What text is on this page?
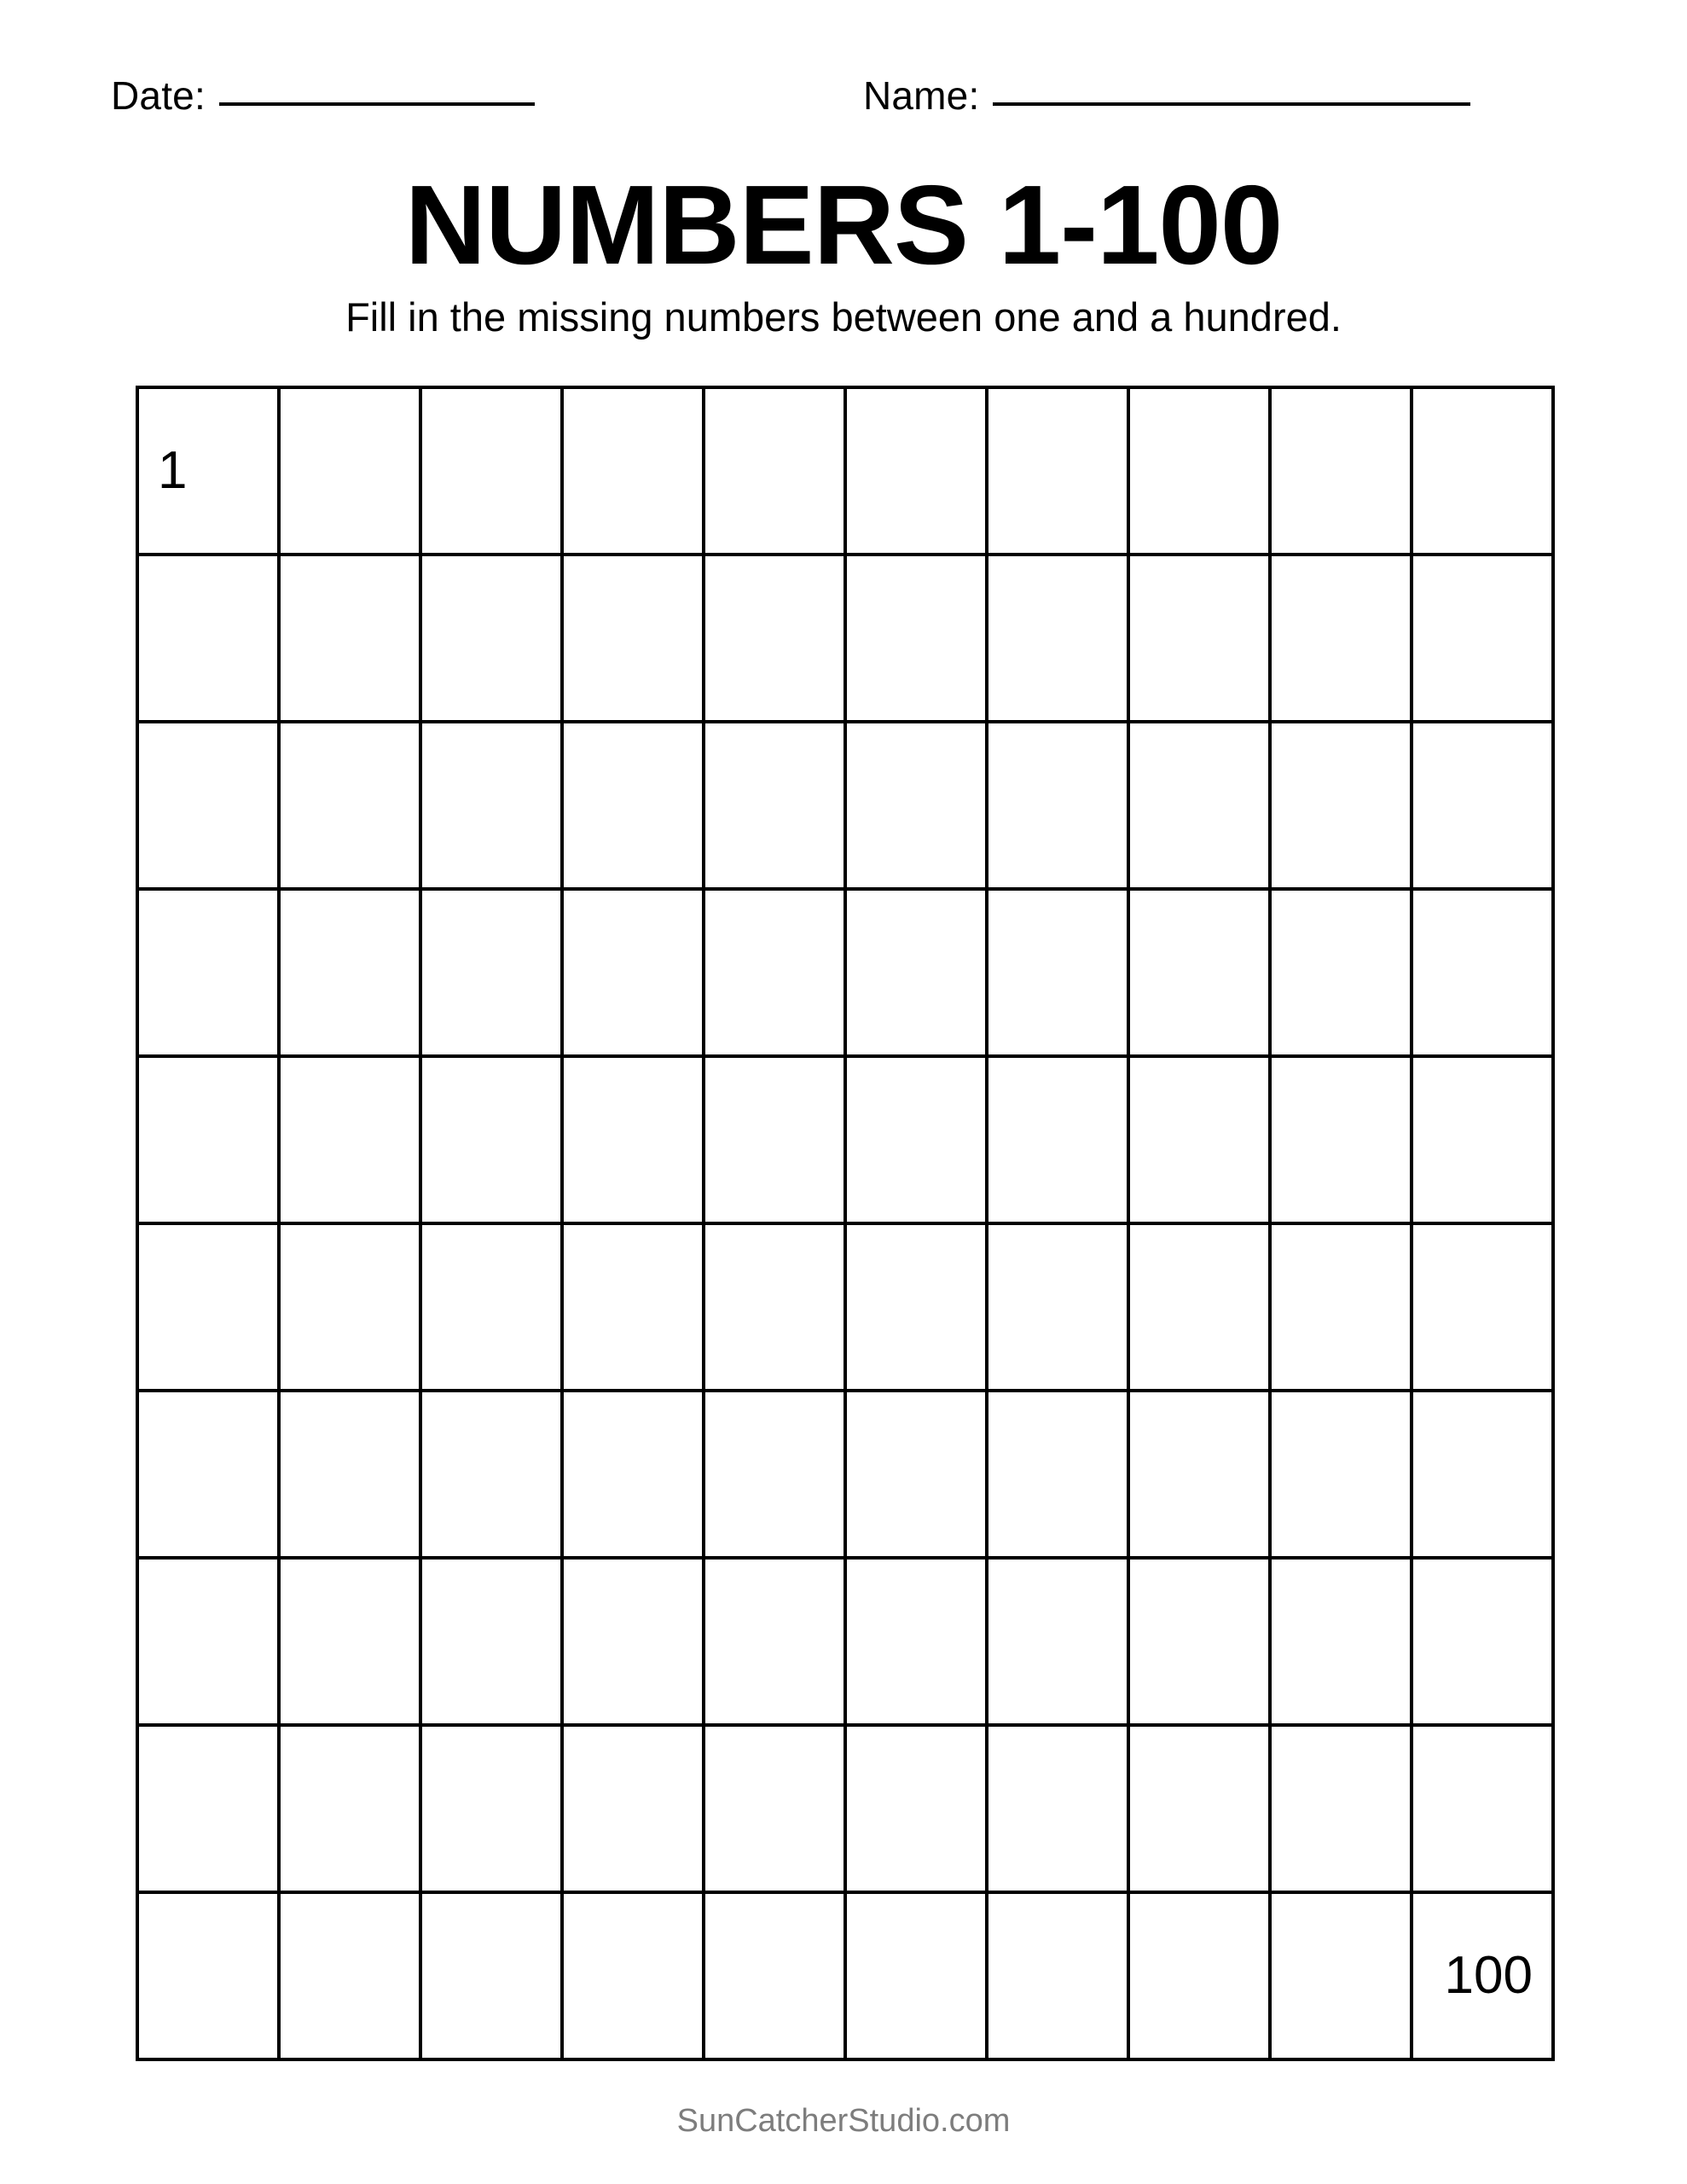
Date:	Name:
NUMBERS 1-100

Fill in the missing numbers between one and a hundred.

1									

									100
SunCatcherStudio.com
